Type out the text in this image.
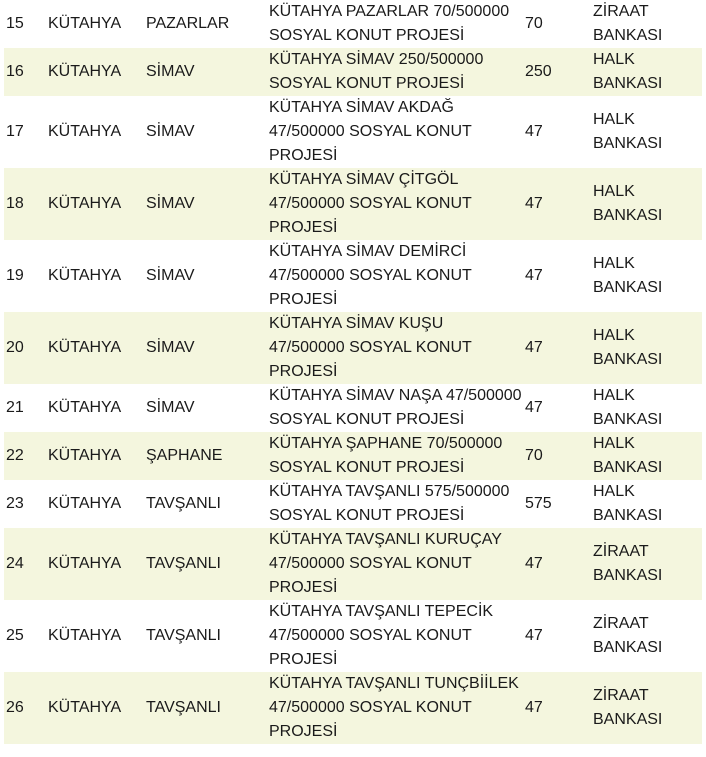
15	KÜTAHYA	PAZARLAR	KÜTAHYA PAZARLAR 70/500000 SOSYAL KONUT PROJESİ	70	ZİRAAT BANKASI
16	KÜTAHYA	SİMAV	KÜTAHYA SİMAV 250/500000 SOSYAL KONUT PROJESİ	250	HALK BANKASI
17	KÜTAHYA	SİMAV	KÜTAHYA SİMAV AKDAĞ 47/500000 SOSYAL KONUT PROJESİ	47	HALK BANKASI
18	KÜTAHYA	SİMAV	KÜTAHYA SİMAV ÇİTGÖL 47/500000 SOSYAL KONUT PROJESİ	47	HALK BANKASI
19	KÜTAHYA	SİMAV	KÜTAHYA SİMAV DEMİRCİ 47/500000 SOSYAL KONUT PROJESİ	47	HALK BANKASI
20	KÜTAHYA	SİMAV	KÜTAHYA SİMAV KUŞU 47/500000 SOSYAL KONUT PROJESİ	47	HALK BANKASI
21	KÜTAHYA	SİMAV	KÜTAHYA SİMAV NAŞA 47/500000 SOSYAL KONUT PROJESİ	47	HALK BANKASI
22	KÜTAHYA	ŞAPHANE	KÜTAHYA ŞAPHANE 70/500000 SOSYAL KONUT PROJESİ	70	HALK BANKASI
23	KÜTAHYA	TAVŞANLI	KÜTAHYA TAVŞANLI 575/500000 SOSYAL KONUT PROJESİ	575	HALK BANKASI
24	KÜTAHYA	TAVŞANLI	KÜTAHYA TAVŞANLI KURUÇAY 47/500000 SOSYAL KONUT PROJESİ	47	ZİRAAT BANKASI
25	KÜTAHYA	TAVŞANLI	KÜTAHYA TAVŞANLI TEPECİK 47/500000 SOSYAL KONUT PROJESİ	47	ZİRAAT BANKASI
26	KÜTAHYA	TAVŞANLI	KÜTAHYA TAVŞANLI TUNÇBİİLEK 47/500000 SOSYAL KONUT PROJESİ	47	ZİRAAT BANKASI
